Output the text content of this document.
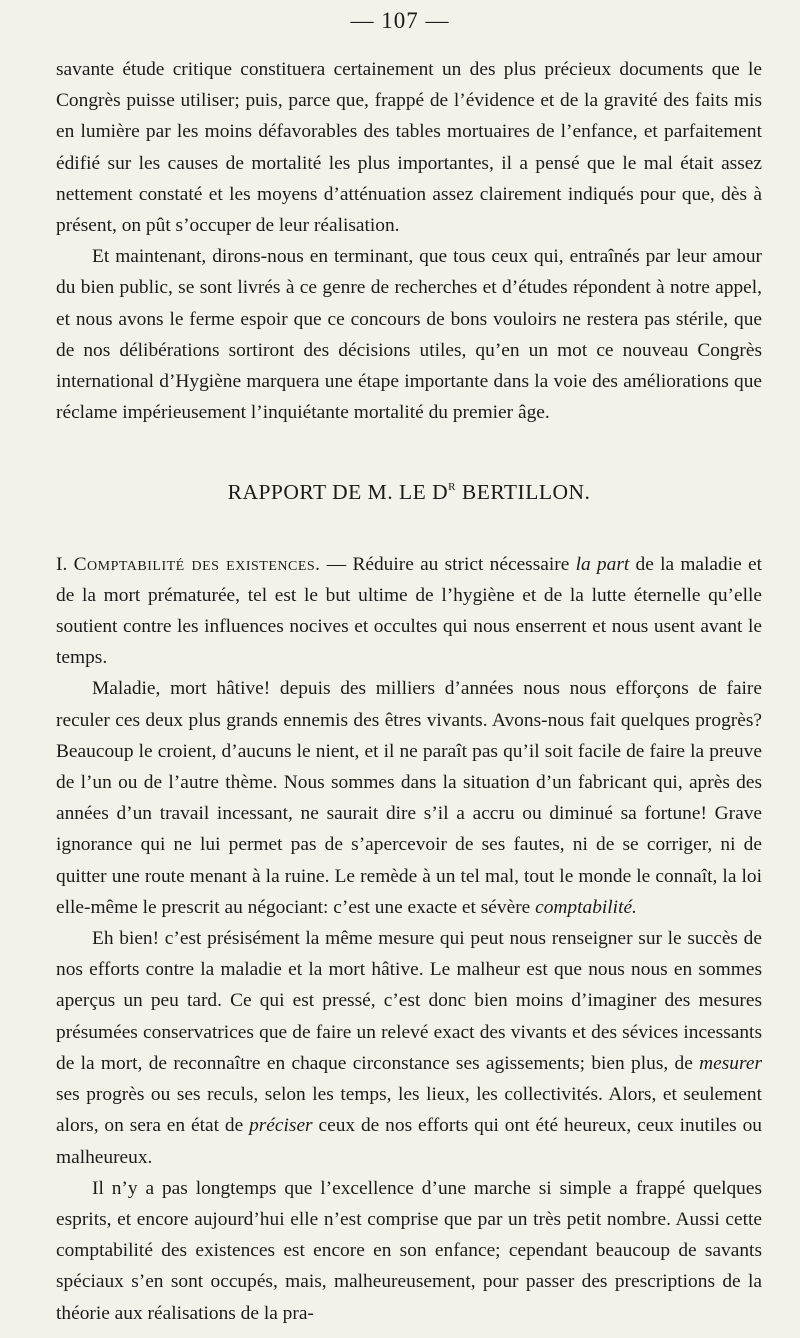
— 107 —

savante étude critique constituera certainement un des plus précieux documents que le Congrès puisse utiliser; puis, parce que, frappé de l’évidence et de la gravité des faits mis en lumière par les moins défavorables des tables mortuaires de l’enfance, et parfaitement édifié sur les causes de mortalité les plus importantes, il a pensé que le mal était assez nettement constaté et les moyens d’atténuation assez clairement indiqués pour que, dès à présent, on pût s’occuper de leur réalisation.

Et maintenant, dirons-nous en terminant, que tous ceux qui, entraînés par leur amour du bien public, se sont livrés à ce genre de recherches et d’études répondent à notre appel, et nous avons le ferme espoir que ce concours de bons vouloirs ne restera pas stérile, que de nos délibérations sortiront des décisions utiles, qu’en un mot ce nouveau Congrès international d’Hygiène marquera une étape importante dans la voie des améliorations que réclame impérieusement l’inquiétante mortalité du premier âge.

RAPPORT DE M. LE $D^R$ BERTILLON.

I. Comptabilité des existences. — Réduire au strict nécessaire la part de la maladie et de la mort prématurée, tel est le but ultime de l’hygiène et de la lutte éternelle qu’elle soutient contre les influences nocives et occultes qui nous enserrent et nous usent avant le temps.

Maladie, mort hâtive! depuis des milliers d’années nous nous efforçons de faire reculer ces deux plus grands ennemis des êtres vivants. Avons-nous fait quelques progrès? Beaucoup le croient, d’aucuns le nient, et il ne paraît pas qu’il soit facile de faire la preuve de l’un ou de l’autre thème. Nous sommes dans la situation d’un fabricant qui, après des années d’un travail incessant, ne saurait dire s’il a accru ou diminué sa fortune! Grave ignorance qui ne lui permet pas de s’apercevoir de ses fautes, ni de se corriger, ni de quitter une route menant à la ruine. Le remède à un tel mal, tout le monde le connaît, la loi elle-même le prescrit au négociant: c’est une exacte et sévère comptabilité.

Eh bien! c’est présisément la même mesure qui peut nous renseigner sur le succès de nos efforts contre la maladie et la mort hâtive. Le malheur est que nous nous en sommes aperçus un peu tard. Ce qui est pressé, c’est donc bien moins d’imaginer des mesures présumées conservatrices que de faire un relevé exact des vivants et des sévices incessants de la mort, de reconnaître en chaque circonstance ses agissements; bien plus, de mesurer ses progrès ou ses reculs, selon les temps, les lieux, les collectivités. Alors, et seulement alors, on sera en état de préciser ceux de nos efforts qui ont été heureux, ceux inutiles ou malheureux.

Il n’y a pas longtemps que l’excellence d’une marche si simple a frappé quelques esprits, et encore aujourd’hui elle n’est comprise que par un très petit nombre. Aussi cette comptabilité des existences est encore en son enfance; cependant beaucoup de savants spéciaux s’en sont occupés, mais, malheureusement, pour passer des prescriptions de la théorie aux réalisations de la pra-
